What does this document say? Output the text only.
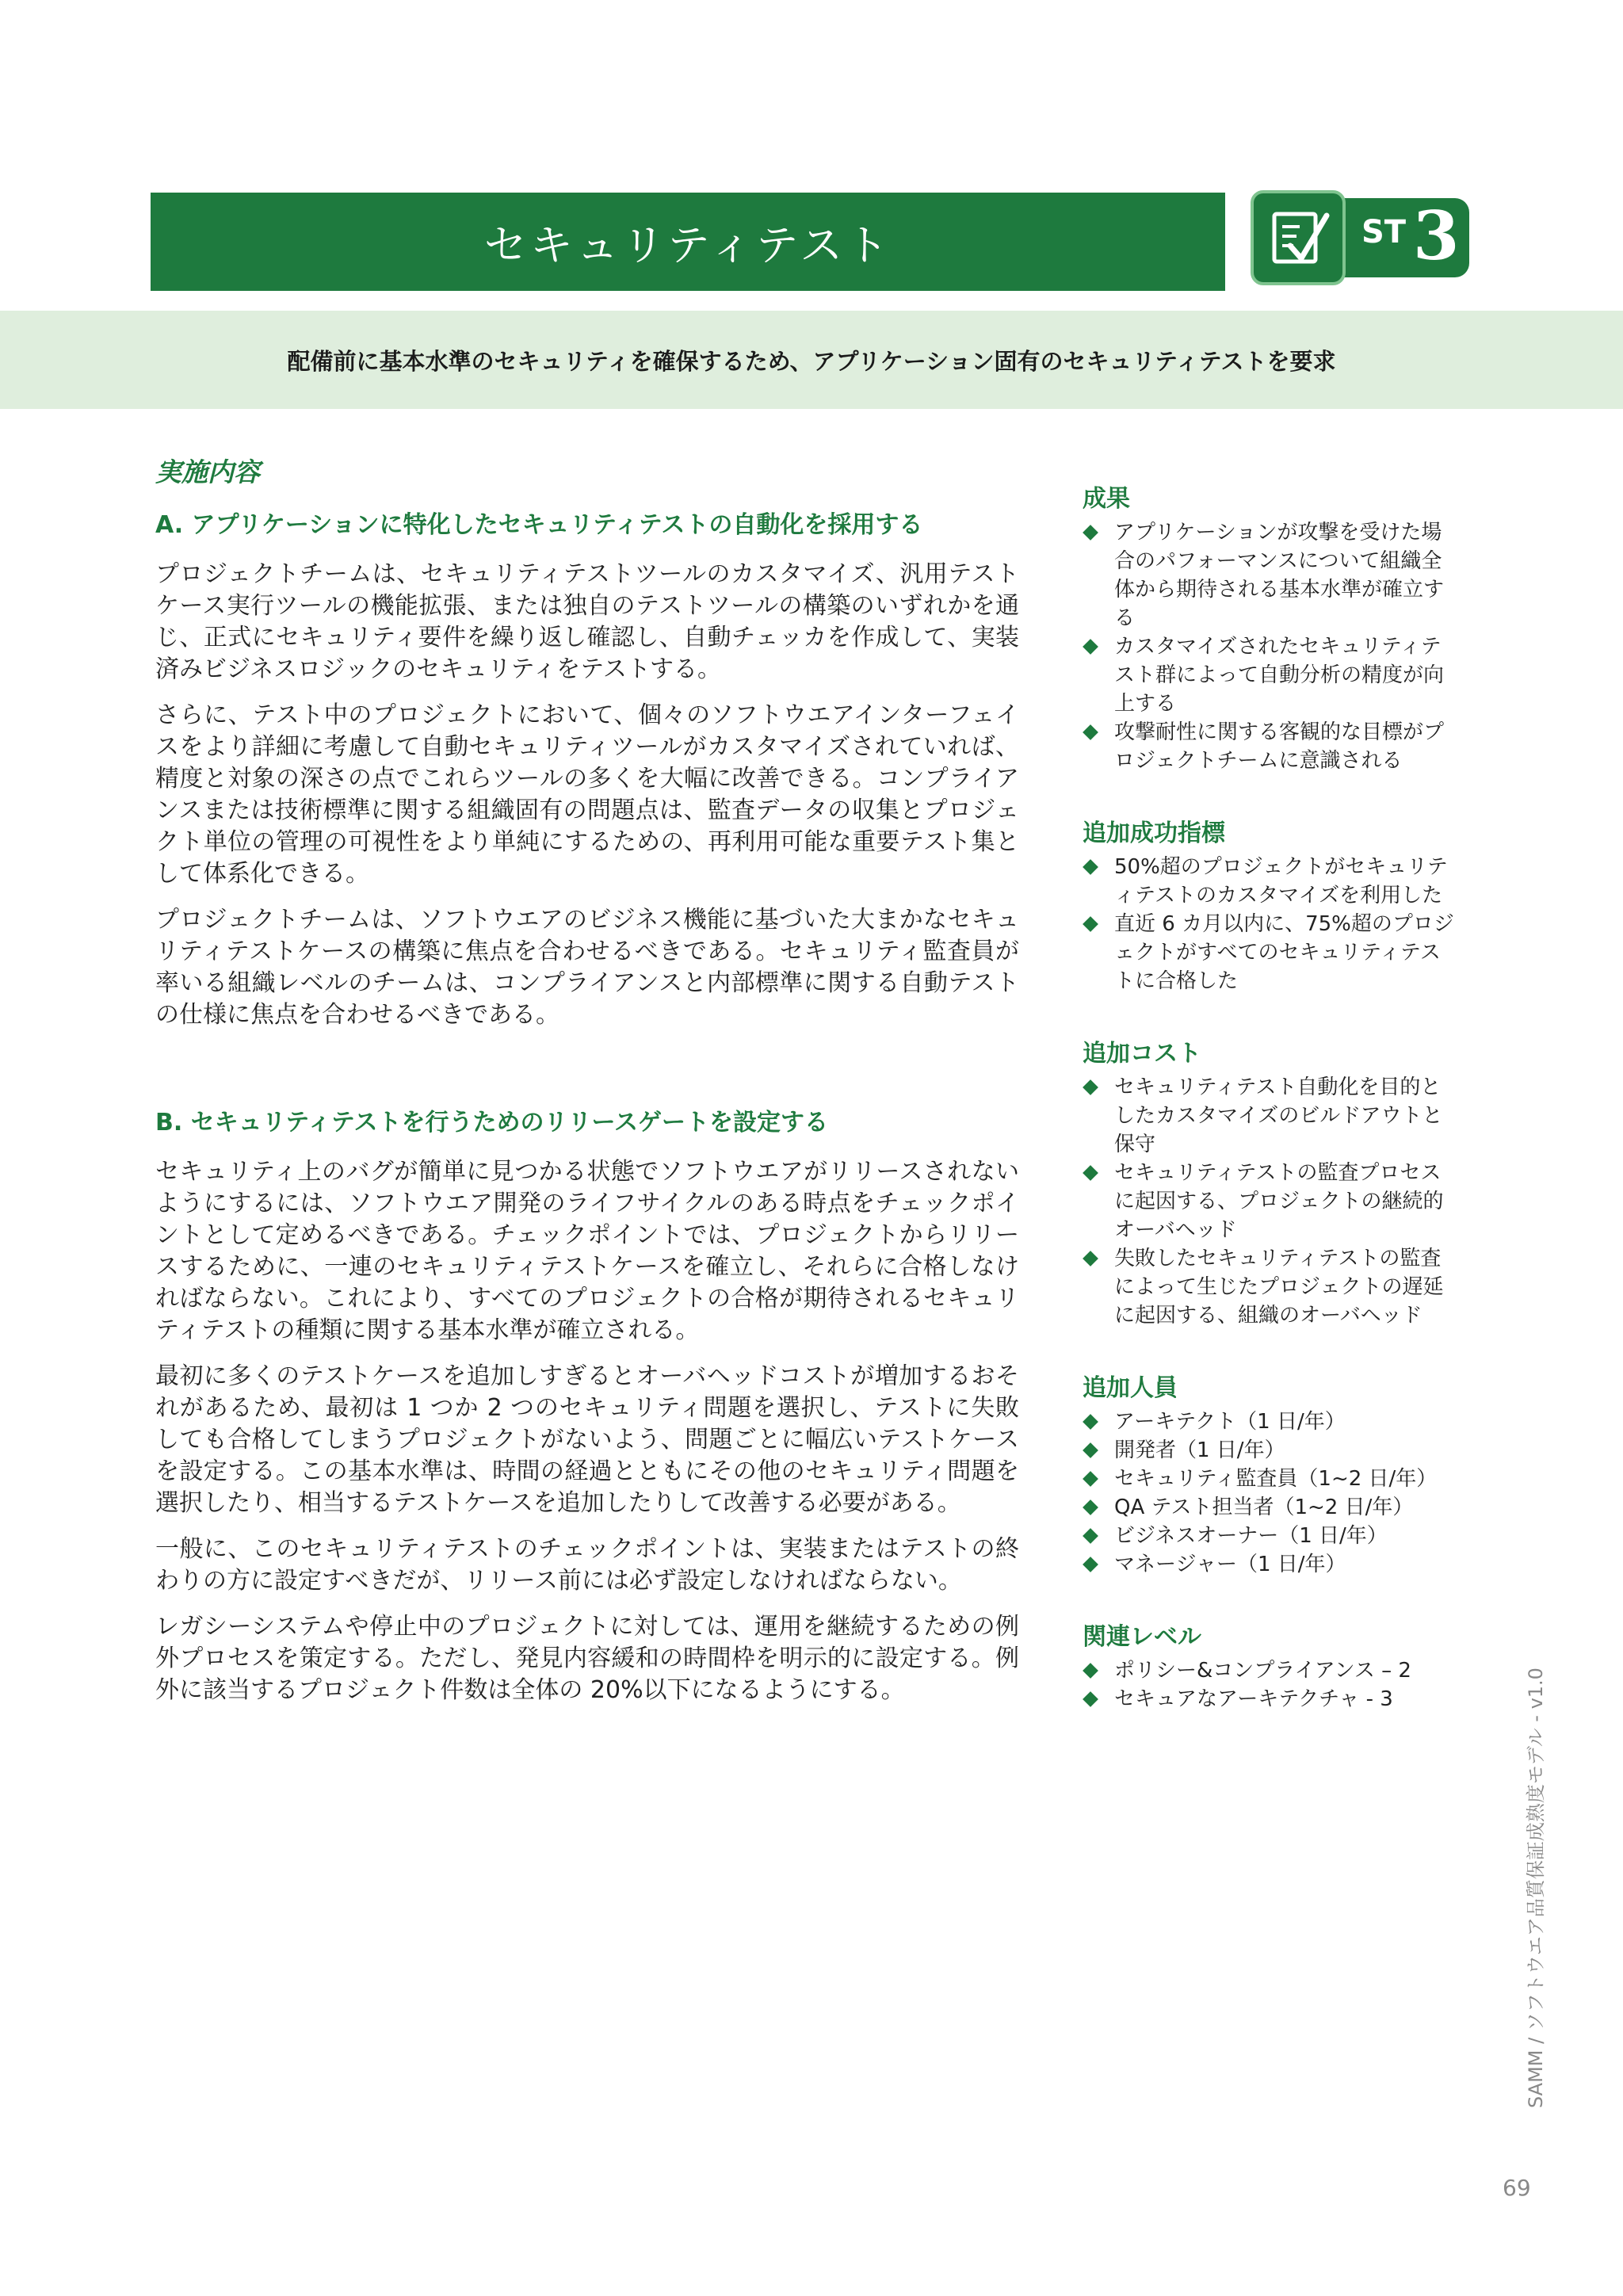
セキュリティテスト	ST 3
配備前に基本水準のセキュリティを確保するため、アプリケーション固有のセキュリティテストを要求
実施内容
A. アプリケーションに特化したセキュリティテストの自動化を採用する

プロジェクトチームは、セキュリティテストツールのカスタマイズ、汎用テストケース実行ツールの機能拡張、または独自のテストツールの構築のいずれかを通じ、正式にセキュリティ要件を繰り返し確認し、自動チェッカを作成して、実装済みビジネスロジックのセキュリティをテストする。

さらに、テスト中のプロジェクトにおいて、個々のソフトウエアインターフェイスをより詳細に考慮して自動セキュリティツールがカスタマイズされていれば、精度と対象の深さの点でこれらツールの多くを大幅に改善できる。コンプライアンスまたは技術標準に関する組織固有の問題点は、監査データの収集とプロジェクト単位の管理の可視性をより単純にするための、再利用可能な重要テスト集として体系化できる。

プロジェクトチームは、ソフトウエアのビジネス機能に基づいた大まかなセキュリティテストケースの構築に焦点を合わせるべきである。セキュリティ監査員が率いる組織レベルのチームは、コンプライアンスと内部標準に関する自動テストの仕様に焦点を合わせるべきである。

B. セキュリティテストを行うためのリリースゲートを設定する

セキュリティ上のバグが簡単に見つかる状態でソフトウエアがリリースされないようにするには、ソフトウエア開発のライフサイクルのある時点をチェックポイントとして定めるべきである。チェックポイントでは、プロジェクトからリリースするために、一連のセキュリティテストケースを確立し、それらに合格しなければならない。これにより、すべてのプロジェクトの合格が期待されるセキュリティテストの種類に関する基本水準が確立される。

最初に多くのテストケースを追加しすぎるとオーバヘッドコストが増加するおそれがあるため、最初は 1 つか 2 つのセキュリティ問題を選択し、テストに失敗しても合格してしまうプロジェクトがないよう、問題ごとに幅広いテストケースを設定する。この基本水準は、時間の経過とともにその他のセキュリティ問題を選択したり、相当するテストケースを追加したりして改善する必要がある。

一般に、このセキュリティテストのチェックポイントは、実装またはテストの終わりの方に設定すべきだが、リリース前には必ず設定しなければならない。

レガシーシステムや停止中のプロジェクトに対しては、運用を継続するための例外プロセスを策定する。ただし、発見内容緩和の時間枠を明示的に設定する。例外に該当するプロジェクト件数は全体の 20%以下になるようにする。

成果
アプリケーションが攻撃を受けた場合のパフォーマンスについて組織全体から期待される基本水準が確立する
カスタマイズされたセキュリティテスト群によって自動分析の精度が向上する
攻撃耐性に関する客観的な目標がプロジェクトチームに意識される
追加成功指標
50%超のプロジェクトがセキュリティテストのカスタマイズを利用した
直近 6 カ月以内に、75%超のプロジェクトがすべてのセキュリティテストに合格した
追加コスト
セキュリティテスト自動化を目的としたカスタマイズのビルドアウトと保守
セキュリティテストの監査プロセスに起因する、プロジェクトの継続的オーバヘッド
失敗したセキュリティテストの監査によって生じたプロジェクトの遅延に起因する、組織のオーバヘッド
追加人員
アーキテクト（1 日/年）
開発者（1 日/年）
セキュリティ監査員（1~2 日/年）
QA テスト担当者（1~2 日/年）
ビジネスオーナー（1 日/年）
マネージャー（1 日/年）
関連レベル
ポリシー&コンプライアンス – 2
セキュアなアーキテクチャ - 3	SAMM / ソフトウエア品質保証成熟度モデル - v1.0
69
